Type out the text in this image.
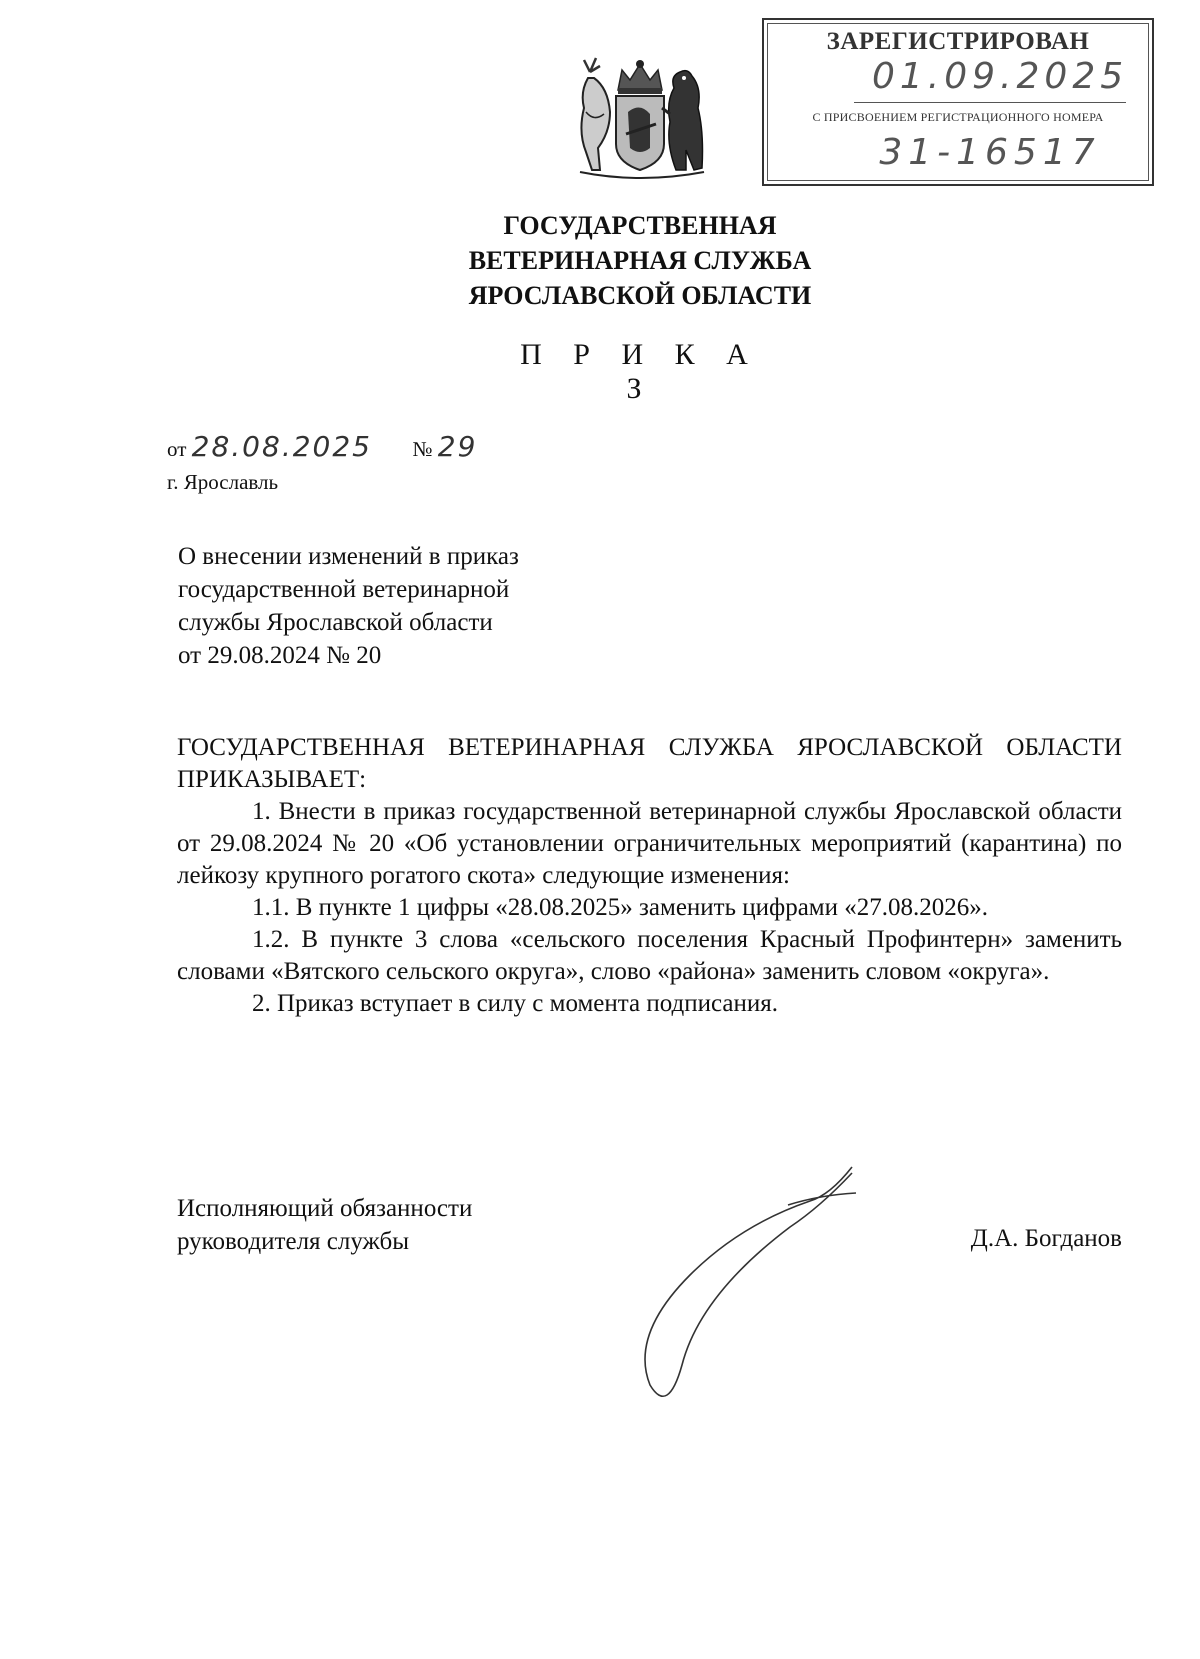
ЗАРЕГИСТРИРОВАН
01.09.2025
С ПРИСВОЕНИЕМ РЕГИСТРАЦИОННОГО НОМЕРА
31-16517
ГОСУДАРСТВЕННАЯ
ВЕТЕРИНАРНАЯ СЛУЖБА
ЯРОСЛАВСКОЙ ОБЛАСТИ
П Р И К А З
от 28.08.2025 № 29
г. Ярославль
О внесении изменений в приказ
государственной ветеринарной
службы Ярославской области
от 29.08.2024 № 20

ГОСУДАРСТВЕННАЯ ВЕТЕРИНАРНАЯ СЛУЖБА ЯРОСЛАВСКОЙ ОБЛАСТИ ПРИКАЗЫВАЕТ:

1. Внести в приказ государственной ветеринарной службы Ярославской области от 29.08.2024 № 20 «Об установлении ограничительных мероприятий (карантина) по лейкозу крупного рогатого скота» следующие изменения:

1.1. В пункте 1 цифры «28.08.2025» заменить цифрами «27.08.2026».

1.2. В пункте 3 слова «сельского поселения Красный Профинтерн» заменить словами «Вятского сельского округа», слово «района» заменить словом «округа».

2. Приказ вступает в силу с момента подписания.

Исполняющий обязанности
руководителя службы	Д.А. Богданов
